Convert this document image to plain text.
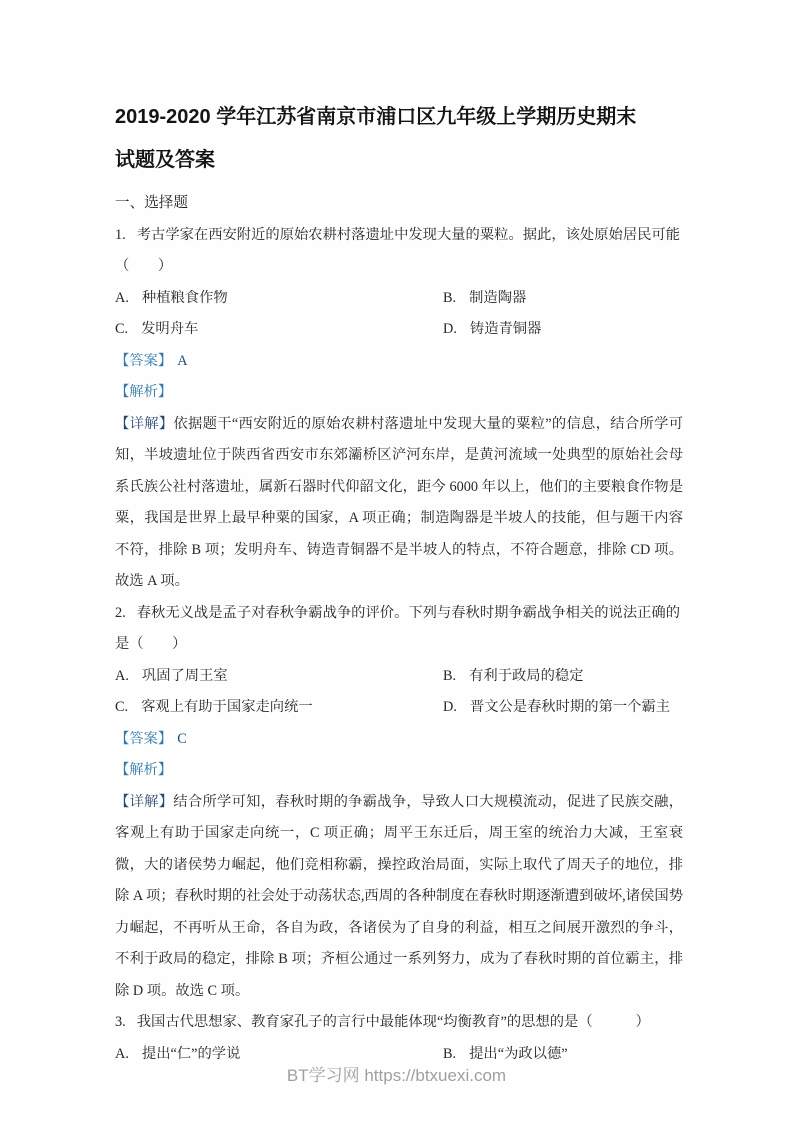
2019-2020 学年江苏省南京市浦口区九年级上学期历史期末
试题及答案
一、选择题
1. 考古学家在西安附近的原始农耕村落遗址中发现大量的粟粒。据此，该处原始居民可能
（　　）
A. 种植粮食作物	B. 制造陶器
C. 发明舟车	D. 铸造青铜器
【答案】 A
【解析】

【详解】依据题干“西安附近的原始农耕村落遗址中发现大量的粟粒”的信息，结合所学可知，半坡遗址位于陕西省西安市东郊灞桥区浐河东岸，是黄河流域一处典型的原始社会母系氏族公社村落遗址，属新石器时代仰韶文化，距今 6000 年以上，他们的主要粮食作物是粟，我国是世界上最早种粟的国家，A 项正确；制造陶器是半坡人的技能，但与题干内容不符，排除 B 项；发明舟车、铸造青铜器不是半坡人的特点，不符合题意，排除 CD 项。故选 A 项。

2. 春秋无义战是孟子对春秋争霸战争的评价。下列与春秋时期争霸战争相关的说法正确的
是（　　）
A. 巩固了周王室	B. 有利于政局的稳定
C. 客观上有助于国家走向统一	D. 晋文公是春秋时期的第一个霸主
【答案】 C
【解析】

【详解】结合所学可知，春秋时期的争霸战争，导致人口大规模流动，促进了民族交融，客观上有助于国家走向统一，C 项正确；周平王东迁后，周王室的统治力大减，王室衰微，大的诸侯势力崛起，他们竞相称霸，操控政治局面，实际上取代了周天子的地位，排除 A 项；春秋时期的社会处于动荡状态,西周的各种制度在春秋时期逐渐遭到破坏,诸侯国势力崛起，不再听从王命，各自为政，各诸侯为了自身的利益，相互之间展开激烈的争斗，不利于政局的稳定，排除 B 项；齐桓公通过一系列努力，成为了春秋时期的首位霸主，排除 D 项。故选 C 项。

3. 我国古代思想家、教育家孔子的言行中最能体现“均衡教育”的思想的是（　　　）
A. 提出“仁”的学说	B. 提出“为政以德”
BT学习网 https://btxuexi.com
